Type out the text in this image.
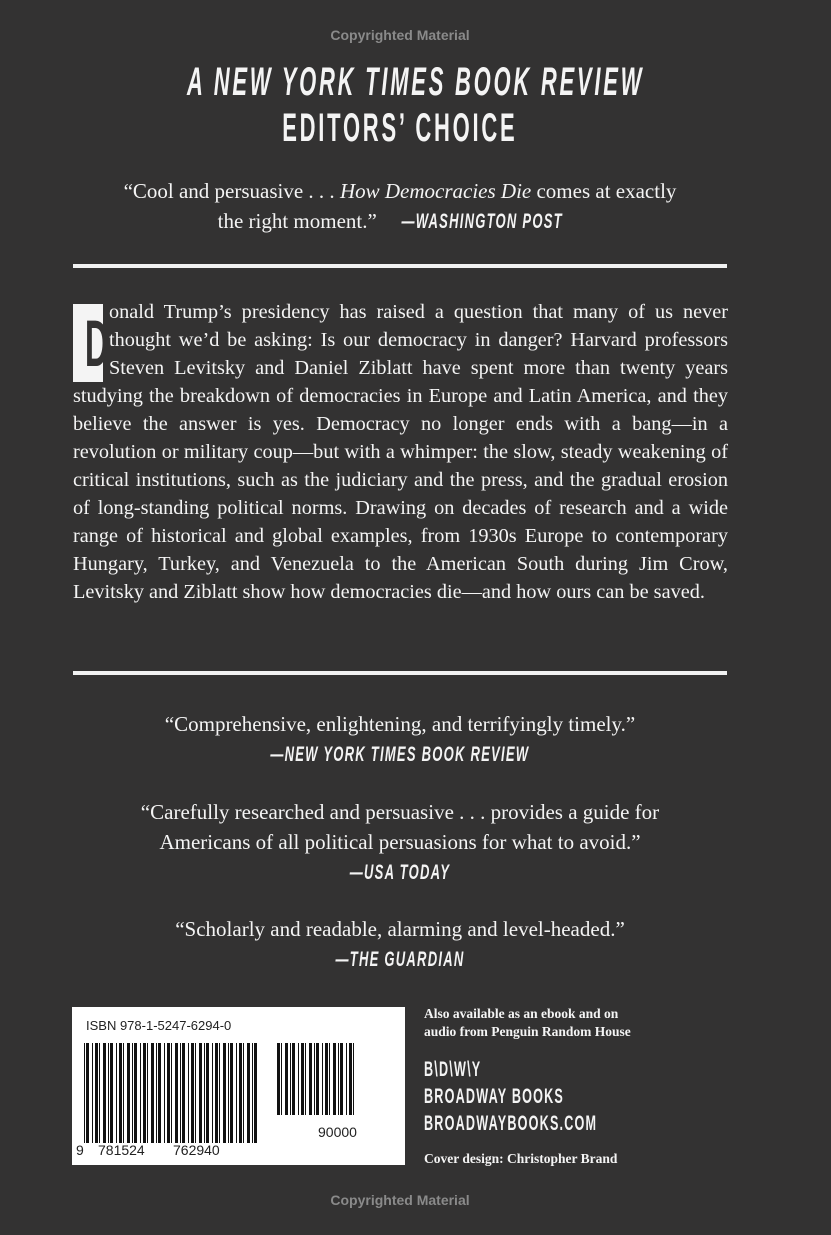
Copyrighted Material
A NEW YORK TIMES BOOK REVIEW
EDITORS’ CHOICE
“Cool and persuasive . . . How Democracies Die comes at exactly
the right moment.” —WASHINGTON POST
D onald Trump’s presidency has raised a question that many of us never thought we’d be asking: Is our democracy in danger? Harvard professors Steven Levitsky and Daniel Ziblatt have spent more than twenty years studying the breakdown of democracies in Europe and Latin America, and they believe the answer is yes. Democracy no longer ends with a bang—in a revolution or military coup—but with a whimper: the slow, steady weakening of critical institutions, such as the judiciary and the press, and the gradual erosion of long-standing political norms. Drawing on decades of research and a wide range of historical and global examples, from 1930s Europe to contemporary Hungary, Turkey, and Venezuela to the American South during Jim Crow, Levitsky and Ziblatt show how democracies die—and how ours can be saved.
“Comprehensive, enlightening, and terrifyingly timely.”
—NEW YORK TIMES BOOK REVIEW
“Carefully researched and persuasive . . . provides a guide for
Americans of all political persuasions for what to avoid.”
—USA TODAY
“Scholarly and readable, alarming and level-headed.”
—THE GUARDIAN
ISBN 978-1-5247-6294-0
9 781524 762940
90000
Also available as an ebook and on
audio from Penguin Random House
B\D\W\Y
BROADWAY BOOKS
BROADWAYBOOKS.COM
Cover design: Christopher Brand
Copyrighted Material
